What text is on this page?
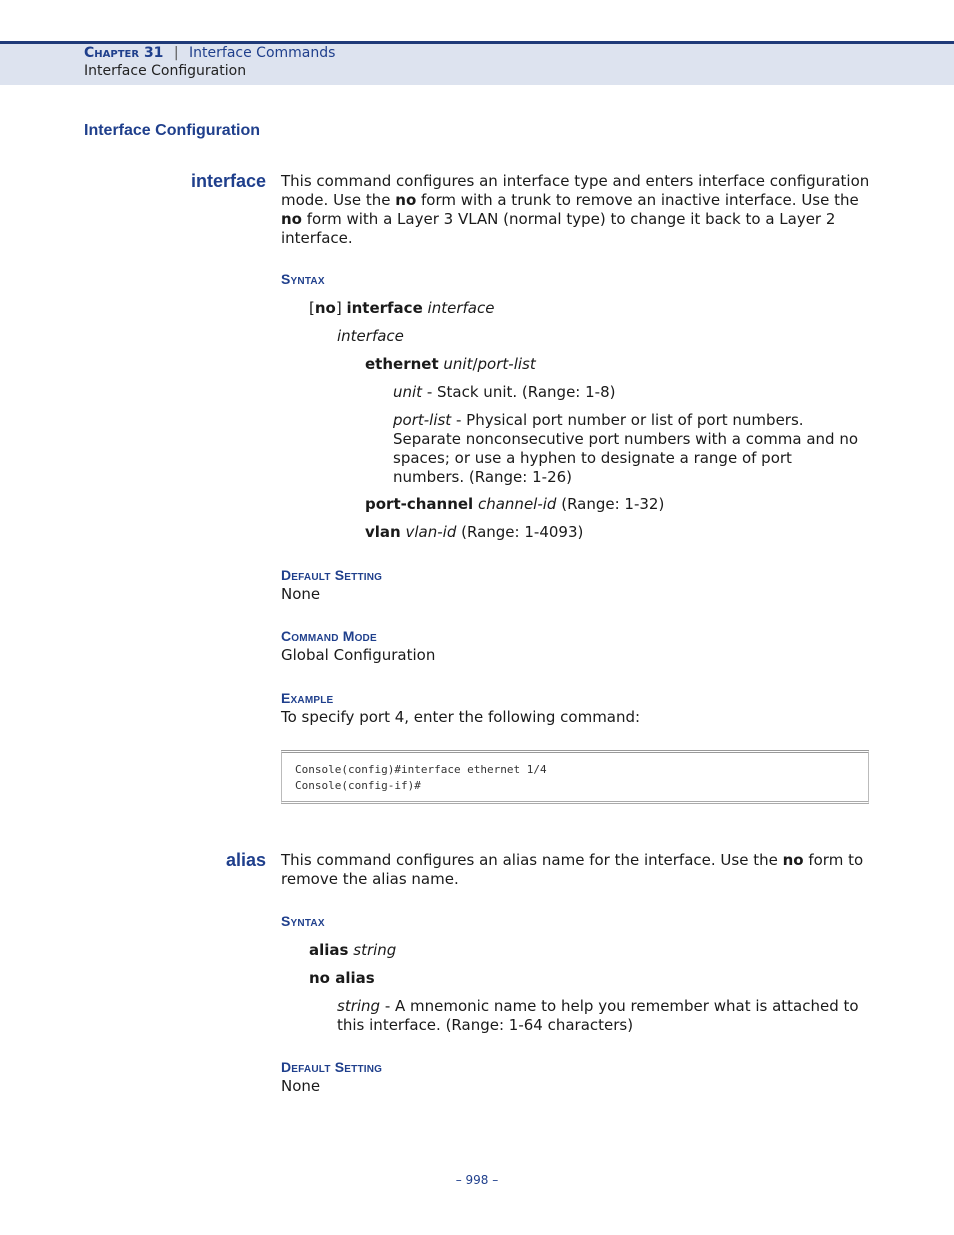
Chapter 31 | Interface Commands
Interface Configuration
Interface Configuration
interface This command configures an interface type and enters interface configuration mode. Use the no form with a trunk to remove an inactive interface. Use the no form with a Layer 3 VLAN (normal type) to change it back to a Layer 2 interface.
Syntax
[no] interface interface
interface
ethernet unit/port-list
unit - Stack unit. (Range: 1-8)
port-list - Physical port number or list of port numbers. Separate nonconsecutive port numbers with a comma and no spaces; or use a hyphen to designate a range of port numbers. (Range: 1-26)
port-channel channel-id (Range: 1-32)
vlan vlan-id (Range: 1-4093)
Default Setting
None
Command Mode
Global Configuration
Example
To specify port 4, enter the following command:
Console(config)#interface ethernet 1/4
Console(config-if)#
alias This command configures an alias name for the interface. Use the no form to remove the alias name.
Syntax
alias string
no alias
string - A mnemonic name to help you remember what is attached to this interface. (Range: 1-64 characters)
Default Setting
None
– 998 –
